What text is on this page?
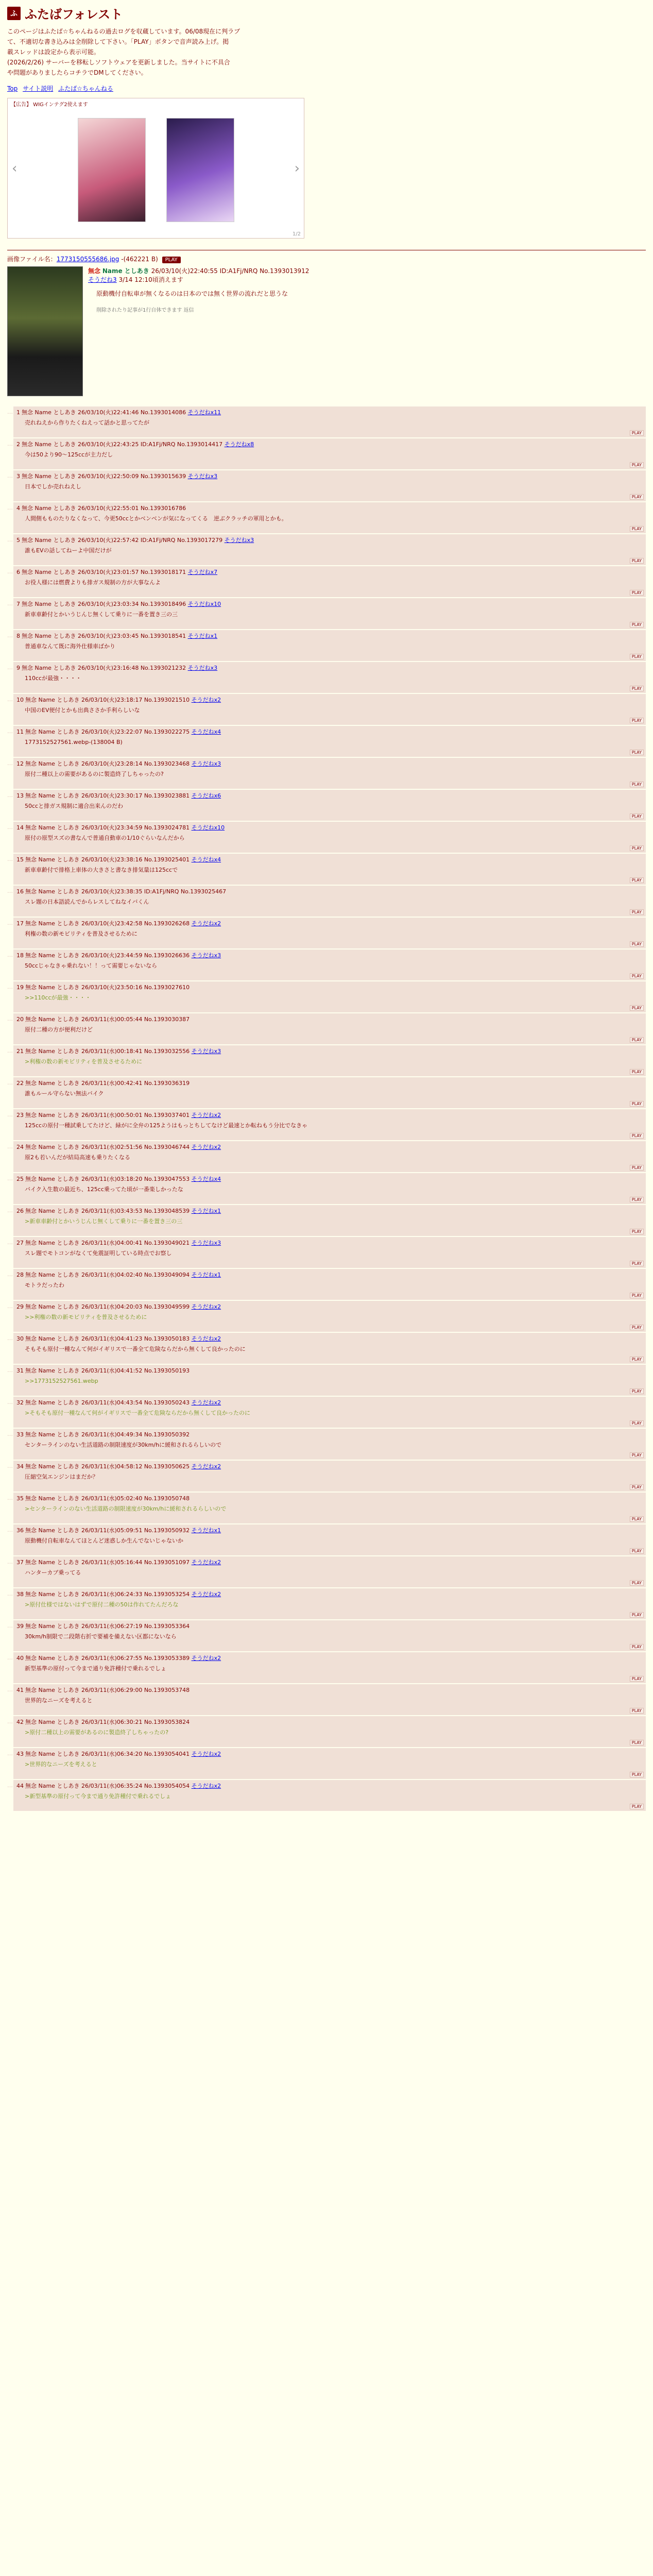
ふ ふたばフォレスト
このページはふたば☆ちゃんねるの過去ログを収蔵しています。06/08現在に判ラブ
て、不適切な書き込みは全削除して下さい。「PLAY」ボタンで音声読み上げ。掲
載スレッドは設定から表示可能。
(2026/2/26) サーバーを移転しソフトウェアを更新しました。当サイトに不具合
や問題がありましたらコチラでDMしてください。
Top サイト説明 ふたば☆ちゃんねる
【広告】 WIGインテグ2使えます
‹	›
1/2
画像ファイル名：1773150555686.jpg -(462221 B) PLAY
無念 Name としあき 26/03/10(火)22:40:55 ID:A1Fj/NRQ No.1393013912
そうだね3 3/14 12:10頃消えます
原動機付自転車が無くなるのは日本のでは無く世界の流れだと思うな
削除されたり記事が1行自体できます 返信
… 1 無念 Name としあき 26/03/10(火)22:41:46 No.1393014086 そうだねx11
売れねえから作りたくねえって話かと思ってたが
PLAY
… 2 無念 Name としあき 26/03/10(火)22:43:25 ID:A1Fj/NRQ No.1393014417 そうだねx8
今は50より90〜125ccが主力だし
PLAY
… 3 無念 Name としあき 26/03/10(火)22:50:09 No.1393015639 そうだねx3
日本でしか売れねえし
PLAY
… 4 無念 Name としあき 26/03/10(火)22:55:01 No.1393016786
人間側もものたりなくなって、今更50ccとかベンベンが気になってくる　逆ぶクラッチの軍用とかも。
PLAY
… 5 無念 Name としあき 26/03/10(火)22:57:42 ID:A1Fj/NRQ No.1393017279 そうだねx3
誰もEVの話してねーよ中国だけが
PLAY
… 6 無念 Name としあき 26/03/10(火)23:01:57 No.1393018171 そうだねx7
お役人様には燃費よりも排ガス規制の方が大事なんよ
PLAY
… 7 無念 Name としあき 26/03/10(火)23:03:34 No.1393018496 そうだねx10
新車車齢付とかいうじんじ無くして乗りに一番を置き三の三
PLAY
… 8 無念 Name としあき 26/03/10(火)23:03:45 No.1393018541 そうだねx1
普通車なんて既に海外仕様車ばかり
PLAY
… 9 無念 Name としあき 26/03/10(火)23:16:48 No.1393021232 そうだねx3
110ccが最強・・・・
PLAY
… 10 無念 Name としあき 26/03/10(火)23:18:17 No.1393021510 そうだねx2
中国のEV便付とかも出典ささか手利らしいな
PLAY
… 11 無念 Name としあき 26/03/10(火)23:22:07 No.1393022275 そうだねx4
1773152527561.webp-(138004 B)
PLAY
… 12 無念 Name としあき 26/03/10(火)23:28:14 No.1393023468 そうだねx3
原付二種以上の需要があるのに製造終了しちゃったの?
PLAY
… 13 無念 Name としあき 26/03/10(火)23:30:17 No.1393023881 そうだねx6
50ccと排ガス規制に適合出来んのだわ
PLAY
… 14 無念 Name としあき 26/03/10(火)23:34:59 No.1393024781 そうだねx10
原付の原型スズの書なんで普通自動車の1/10ぐらいなんだから
PLAY
… 15 無念 Name としあき 26/03/10(火)23:38:16 No.1393025401 そうだねx4
新車車齢付で排格上車体の大きさと書なき排気量は125ccで
PLAY
… 16 無念 Name としあき 26/03/10(火)23:38:35 ID:A1Fj/NRQ No.1393025467
スレ題の日本語読んでからレスしてねなイバくん
PLAY
… 17 無念 Name としあき 26/03/10(火)23:42:58 No.1393026268 そうだねx2
利権の数の新モビリティを普及させるために
PLAY
… 18 無念 Name としあき 26/03/10(火)23:44:59 No.1393026636 そうだねx3
50ccじゃなきゃ乗れない！！って需要じゃないなら
PLAY
… 19 無念 Name としあき 26/03/10(火)23:50:16 No.1393027610
>>110ccが最強・・・・
PLAY
… 20 無念 Name としあき 26/03/11(水)00:05:44 No.1393030387
原付二種の方が便利だけど
PLAY
… 21 無念 Name としあき 26/03/11(水)00:18:41 No.1393032556 そうだねx3
>利権の数の新モビリティを普及させるために
PLAY
… 22 無念 Name としあき 26/03/11(水)00:42:41 No.1393036319
誰もルール守らない無法バイク
PLAY
… 23 無念 Name としあき 26/03/11(水)00:50:01 No.1393037401 そうだねx2
125ccの原付一種試乗してたけど、緑がに全弁の125ようはもっとちしてなけど最速とか転ねもう分比でなきゃ
PLAY
… 24 無念 Name としあき 26/03/11(水)02:51:56 No.1393046744 そうだねx2
原2も若いんだが結局高速も乗りたくなる
PLAY
… 25 無念 Name としあき 26/03/11(水)03:18:20 No.1393047553 そうだねx4
バイク入生数の最近ち、125cc乗ってた頃が一番楽しかったな
PLAY
… 26 無念 Name としあき 26/03/11(水)03:43:53 No.1393048539 そうだねx1
>新車車齢付とかいうじんじ無くして乗りに一番を置き三の三
PLAY
… 27 無念 Name としあき 26/03/11(水)04:00:41 No.1393049021 そうだねx3
スレ題でモトコンがなくて免震証明している時点でお察し
PLAY
… 28 無念 Name としあき 26/03/11(水)04:02:40 No.1393049094 そうだねx1
モトラだったわ
PLAY
… 29 無念 Name としあき 26/03/11(水)04:20:03 No.1393049599 そうだねx2
>>利権の数の新モビリティを普及させるために
PLAY
… 30 無念 Name としあき 26/03/11(水)04:41:23 No.1393050183 そうだねx2
そもそも原付一種なんて何がイギリスで一番全て危険ならだから無くして良かったのに
PLAY
… 31 無念 Name としあき 26/03/11(水)04:41:52 No.1393050193
>>1773152527561.webp
PLAY
… 32 無念 Name としあき 26/03/11(水)04:43:54 No.1393050243 そうだねx2
>そもそも原付一種なんて何がイギリスで一番全て危険ならだから無くして良かったのに
PLAY
… 33 無念 Name としあき 26/03/11(水)04:49:34 No.1393050392
センターラインのない生活道路の制限速度が30km/hに緩和されるらしいので
PLAY
… 34 無念 Name としあき 26/03/11(水)04:58:12 No.1393050625 そうだねx2
圧縮空気エンジンはまだか？
PLAY
… 35 無念 Name としあき 26/03/11(水)05:02:40 No.1393050748
>センターラインのない生活道路の制限速度が30km/hに緩和されるらしいので
PLAY
… 36 無念 Name としあき 26/03/11(水)05:09:51 No.1393050932 そうだねx1
原動機付自転車なんてほとんど迷惑しか生んでないじゃないか
PLAY
… 37 無念 Name としあき 26/03/11(水)05:16:44 No.1393051097 そうだねx2
ハンターカブ乗ってる
PLAY
… 38 無念 Name としあき 26/03/11(水)06:24:33 No.1393053254 そうだねx2
>原付仕様ではないはずで原付二種の50は作れてたんだろな
PLAY
… 39 無念 Name としあき 26/03/11(水)06:27:19 No.1393053364
30km/h制限で二段階右折で要補を備えない区都にないなら
PLAY
… 40 無念 Name としあき 26/03/11(水)06:27:55 No.1393053389 そうだねx2
新型基準の原付って今まで通り免許種付で乗れるでしょ
PLAY
… 41 無念 Name としあき 26/03/11(水)06:29:00 No.1393053748
世界的なニーズを考えると
PLAY
… 42 無念 Name としあき 26/03/11(水)06:30:21 No.1393053824
>原付二種以上の需要があるのに製造終了しちゃったの?
PLAY
… 43 無念 Name としあき 26/03/11(水)06:34:20 No.1393054041 そうだねx2
>世界的なニーズを考えると
PLAY
… 44 無念 Name としあき 26/03/11(水)06:35:24 No.1393054054 そうだねx2
>新型基準の原付って今まで通り免許種付で乗れるでしょ
PLAY
